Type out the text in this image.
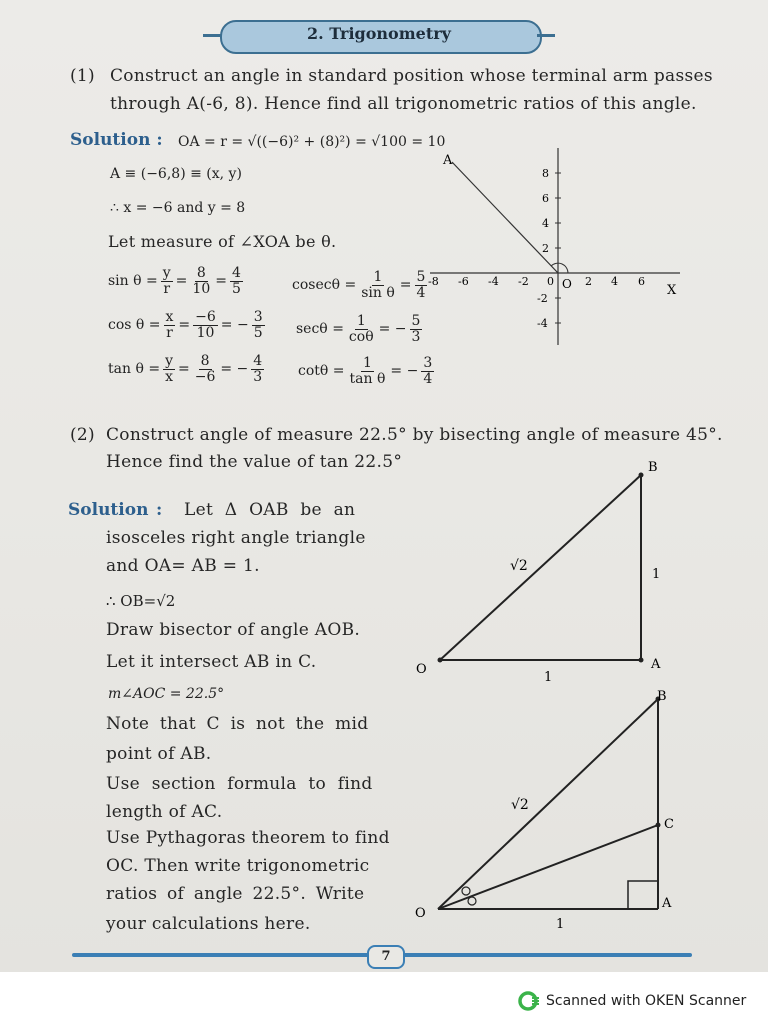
2. Trigonometry
(1) Construct an angle in standard position whose terminal arm passes
through A(-6, 8). Hence find all trigonometric ratios of this angle.
Solution : OA = r = √((−6)² + (8)²) = √100 = 10
A ≡ (−6,8) ≡ (x, y)
∴ x = −6 and y = 8
Let measure of ∠XOA be θ.
$\sin \theta = \frac{y}{r} = \frac{8}{10} = \frac{4}{5}$
$\cos \theta = \frac{x}{r} = \frac{-6}{10}$ = − $\frac{3}{5}$
$\tan \theta = \frac{y}{x} = \frac{8}{-6}$ = − $\frac{4}{3}$
$cosec\theta = \frac{1}{\text{sin θ}} = \frac{5}{4}$
$\sec\theta = \frac{1}{\text{coθ}}$ = − $\frac{5}{3}$
$\cot\theta = \frac{1}{\text{tan θ}}$ = − $\frac{3}{4}$
A
X
O
0
-8 -6 -4 -2	2 4 6
8
6
4
2
-2
-4
(2) Construct angle of measure 22.5° by bisecting angle of measure 45°.
Hence find the value of tan 22.5°
Solution : Let Δ OAB be an
isosceles right angle triangle
and OA= AB = 1.
∴ OB=√2
Draw bisector of angle AOB.
Let it intersect AB in C.
m∠AOC = 22.5°
Note that C is not the mid
point of AB.
Use section formula to find
length of AC.
Use Pythagoras theorem to find
OC. Then write trigonometric
ratios of angle 22.5°. Write
your calculations here.
B
O	A
√2
1
1
B
O
A
C
√2
1
7
Scanned with OKEN Scanner
